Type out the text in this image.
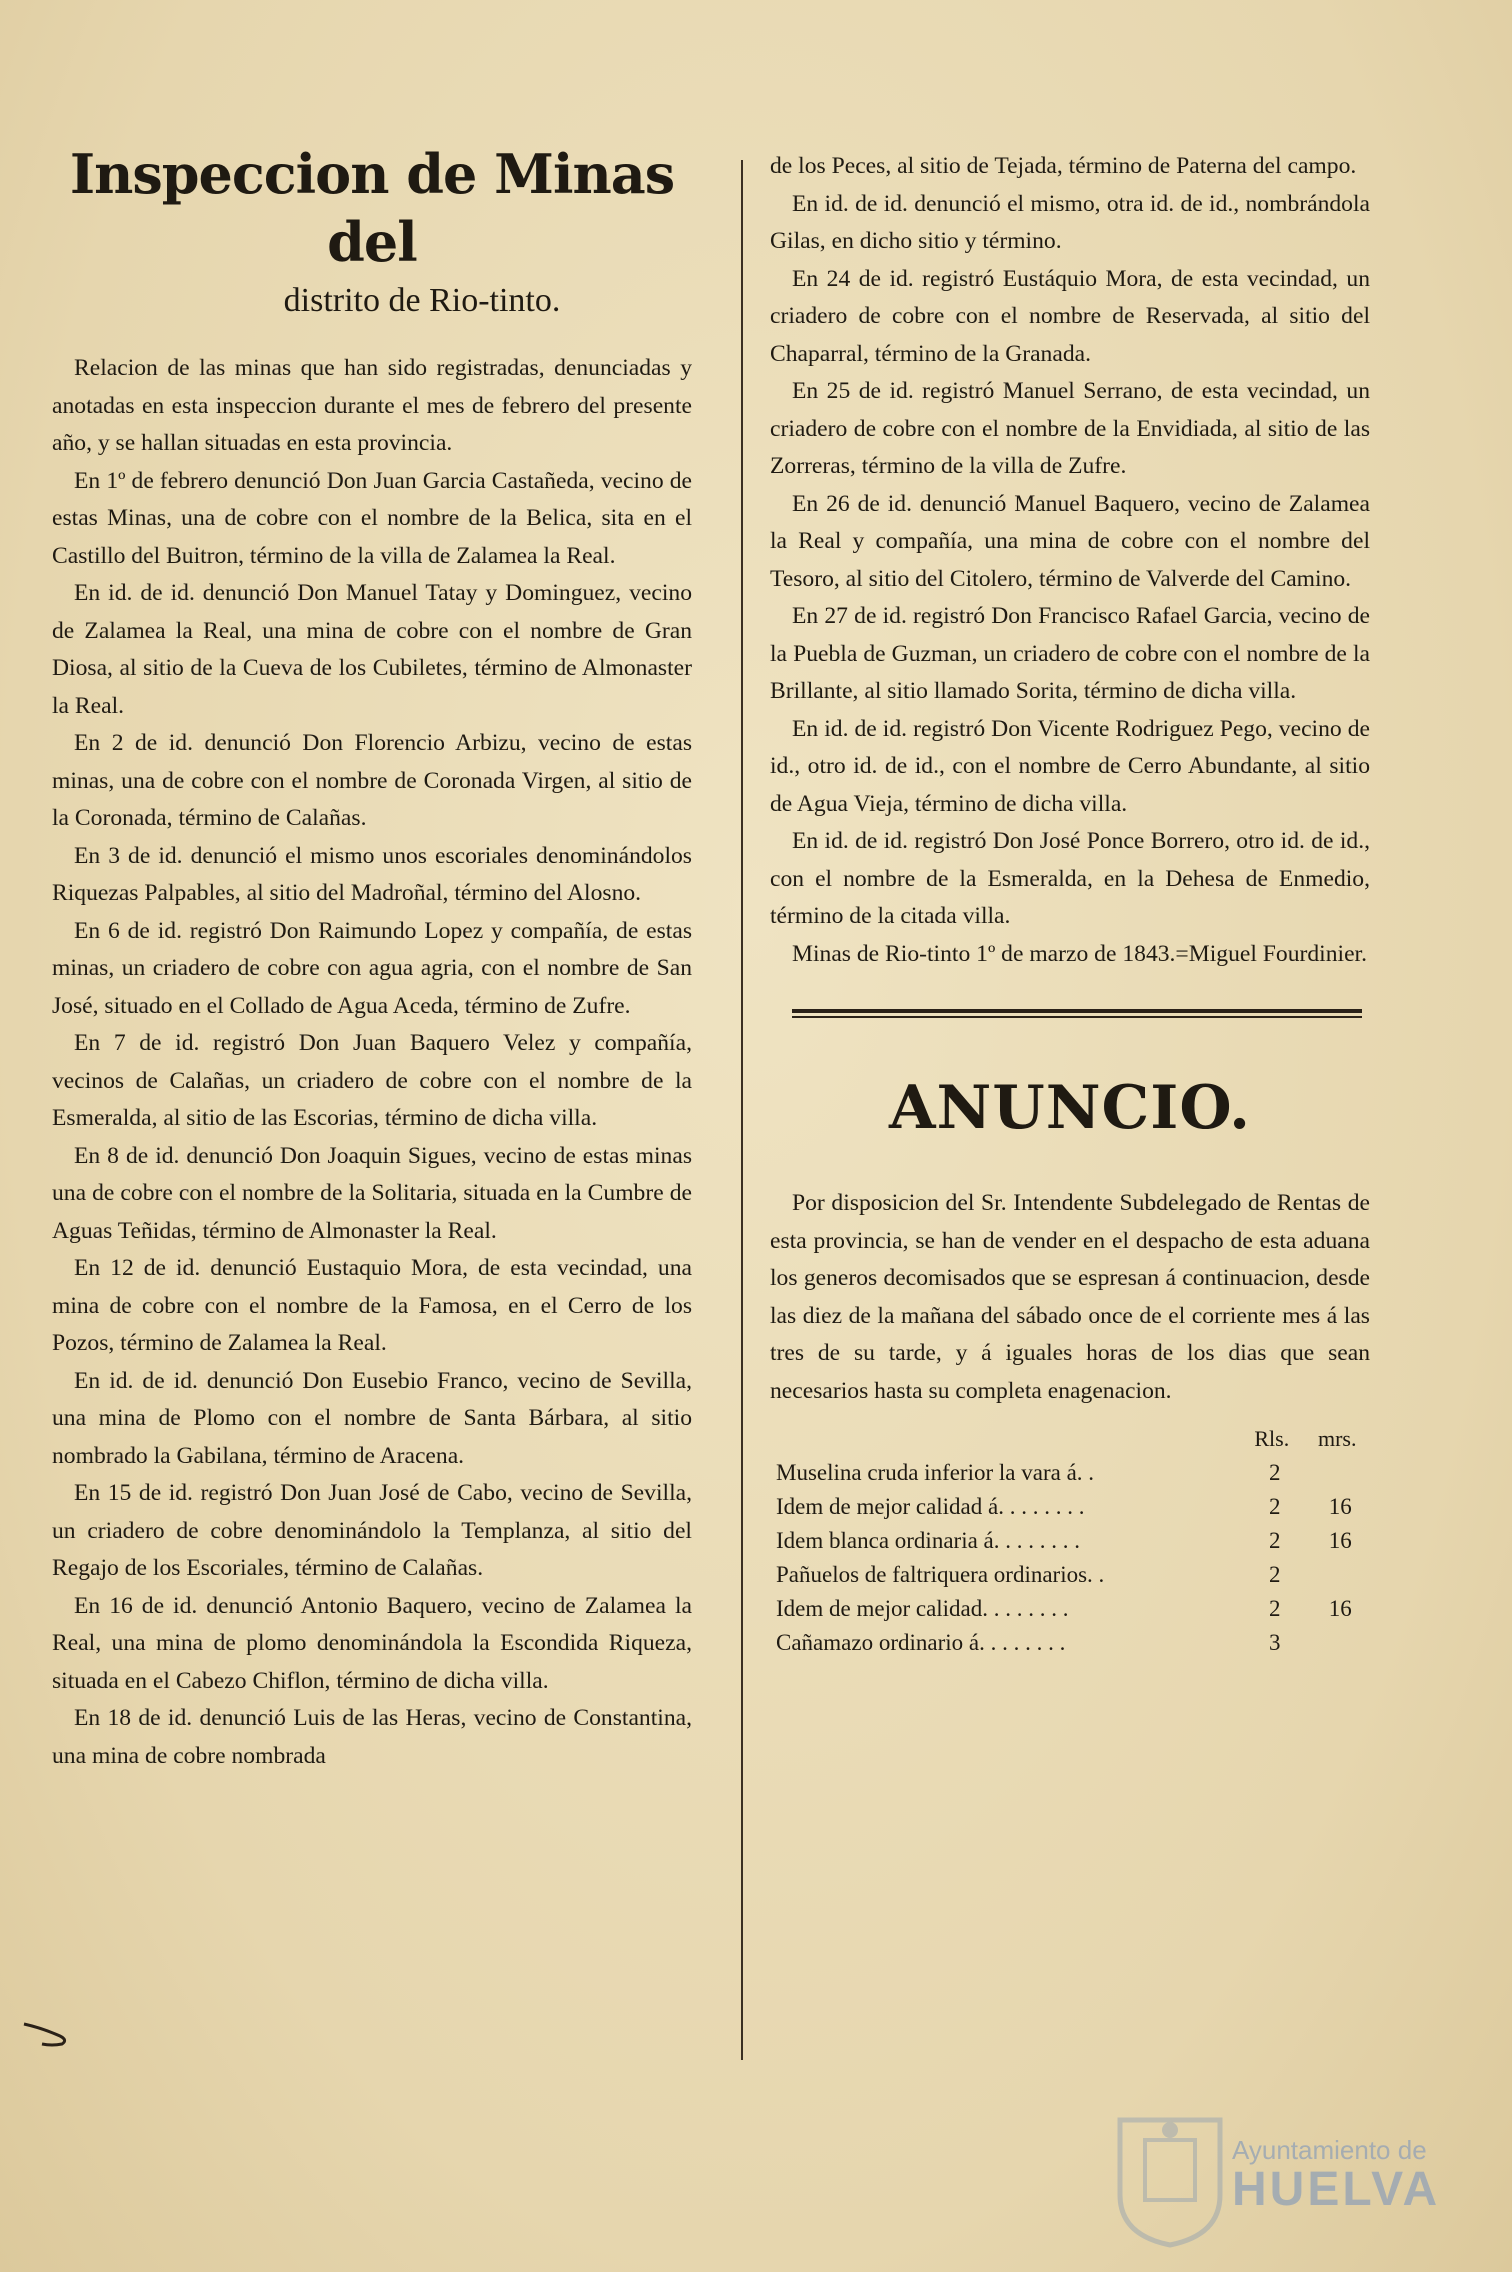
Inspeccion de Minas del
distrito de Rio-tinto.

Relacion de las minas que han sido registradas, denunciadas y anotadas en esta inspeccion durante el mes de febrero del presente año, y se hallan situadas en esta provincia.

En 1º de febrero denunció Don Juan Garcia Castañeda, vecino de estas Minas, una de cobre con el nombre de la Belica, sita en el Castillo del Buitron, término de la villa de Zalamea la Real.

En id. de id. denunció Don Manuel Tatay y Dominguez, vecino de Zalamea la Real, una mina de cobre con el nombre de Gran Diosa, al sitio de la Cueva de los Cubiletes, término de Almonaster la Real.

En 2 de id. denunció Don Florencio Arbizu, vecino de estas minas, una de cobre con el nombre de Coronada Virgen, al sitio de la Coronada, término de Calañas.

En 3 de id. denunció el mismo unos escoriales denominándolos Riquezas Palpables, al sitio del Madroñal, término del Alosno.

En 6 de id. registró Don Raimundo Lopez y compañía, de estas minas, un criadero de cobre con agua agria, con el nombre de San José, situado en el Collado de Agua Aceda, término de Zufre.

En 7 de id. registró Don Juan Baquero Velez y compañía, vecinos de Calañas, un criadero de cobre con el nombre de la Esmeralda, al sitio de las Escorias, término de dicha villa.

En 8 de id. denunció Don Joaquin Sigues, vecino de estas minas una de cobre con el nombre de la Solitaria, situada en la Cumbre de Aguas Teñidas, término de Almonaster la Real.

En 12 de id. denunció Eustaquio Mora, de esta vecindad, una mina de cobre con el nombre de la Famosa, en el Cerro de los Pozos, término de Zalamea la Real.

En id. de id. denunció Don Eusebio Franco, vecino de Sevilla, una mina de Plomo con el nombre de Santa Bárbara, al sitio nombrado la Gabilana, término de Aracena.

En 15 de id. registró Don Juan José de Cabo, vecino de Sevilla, un criadero de cobre denominándolo la Templanza, al sitio del Regajo de los Escoriales, término de Calañas.

En 16 de id. denunció Antonio Baquero, vecino de Zalamea la Real, una mina de plomo denominándola la Escondida Riqueza, situada en el Cabezo Chiflon, término de dicha villa.

En 18 de id. denunció Luis de las Heras, vecino de Constantina, una mina de cobre nombrada

de los Peces, al sitio de Tejada, término de Paterna del campo.

En id. de id. denunció el mismo, otra id. de id., nombrándola Gilas, en dicho sitio y término.

En 24 de id. registró Eustáquio Mora, de esta vecindad, un criadero de cobre con el nombre de Reservada, al sitio del Chaparral, término de la Granada.

En 25 de id. registró Manuel Serrano, de esta vecindad, un criadero de cobre con el nombre de la Envidiada, al sitio de las Zorreras, término de la villa de Zufre.

En 26 de id. denunció Manuel Baquero, vecino de Zalamea la Real y compañía, una mina de cobre con el nombre del Tesoro, al sitio del Citolero, término de Valverde del Camino.

En 27 de id. registró Don Francisco Rafael Garcia, vecino de la Puebla de Guzman, un criadero de cobre con el nombre de la Brillante, al sitio llamado Sorita, término de dicha villa.

En id. de id. registró Don Vicente Rodriguez Pego, vecino de id., otro id. de id., con el nombre de Cerro Abundante, al sitio de Agua Vieja, término de dicha villa.

En id. de id. registró Don José Ponce Borrero, otro id. de id., con el nombre de la Esmeralda, en la Dehesa de Enmedio, término de la citada villa.

Minas de Rio-tinto 1º de marzo de 1843.=Miguel Fourdinier.

ANUNCIO.

Por disposicion del Sr. Intendente Subdelegado de Rentas de esta provincia, se han de vender en el despacho de esta aduana los generos decomisados que se espresan á continuacion, desde las diez de la mañana del sábado once de el corriente mes á las tres de su tarde, y á iguales horas de los dias que sean necesarios hasta su completa enagenacion.

	Rls.	mrs.
Muselina cruda inferior la vara á. .	2	
Idem de mejor calidad á. . . . . . . .	2	16
Idem blanca ordinaria á. . . . . . . .	2	16
Pañuelos de faltriquera ordinarios. .	2	
Idem de mejor calidad. . . . . . . .	2	16
Cañamazo ordinario á. . . . . . . .	3	
Ayuntamiento de
HUELVA
